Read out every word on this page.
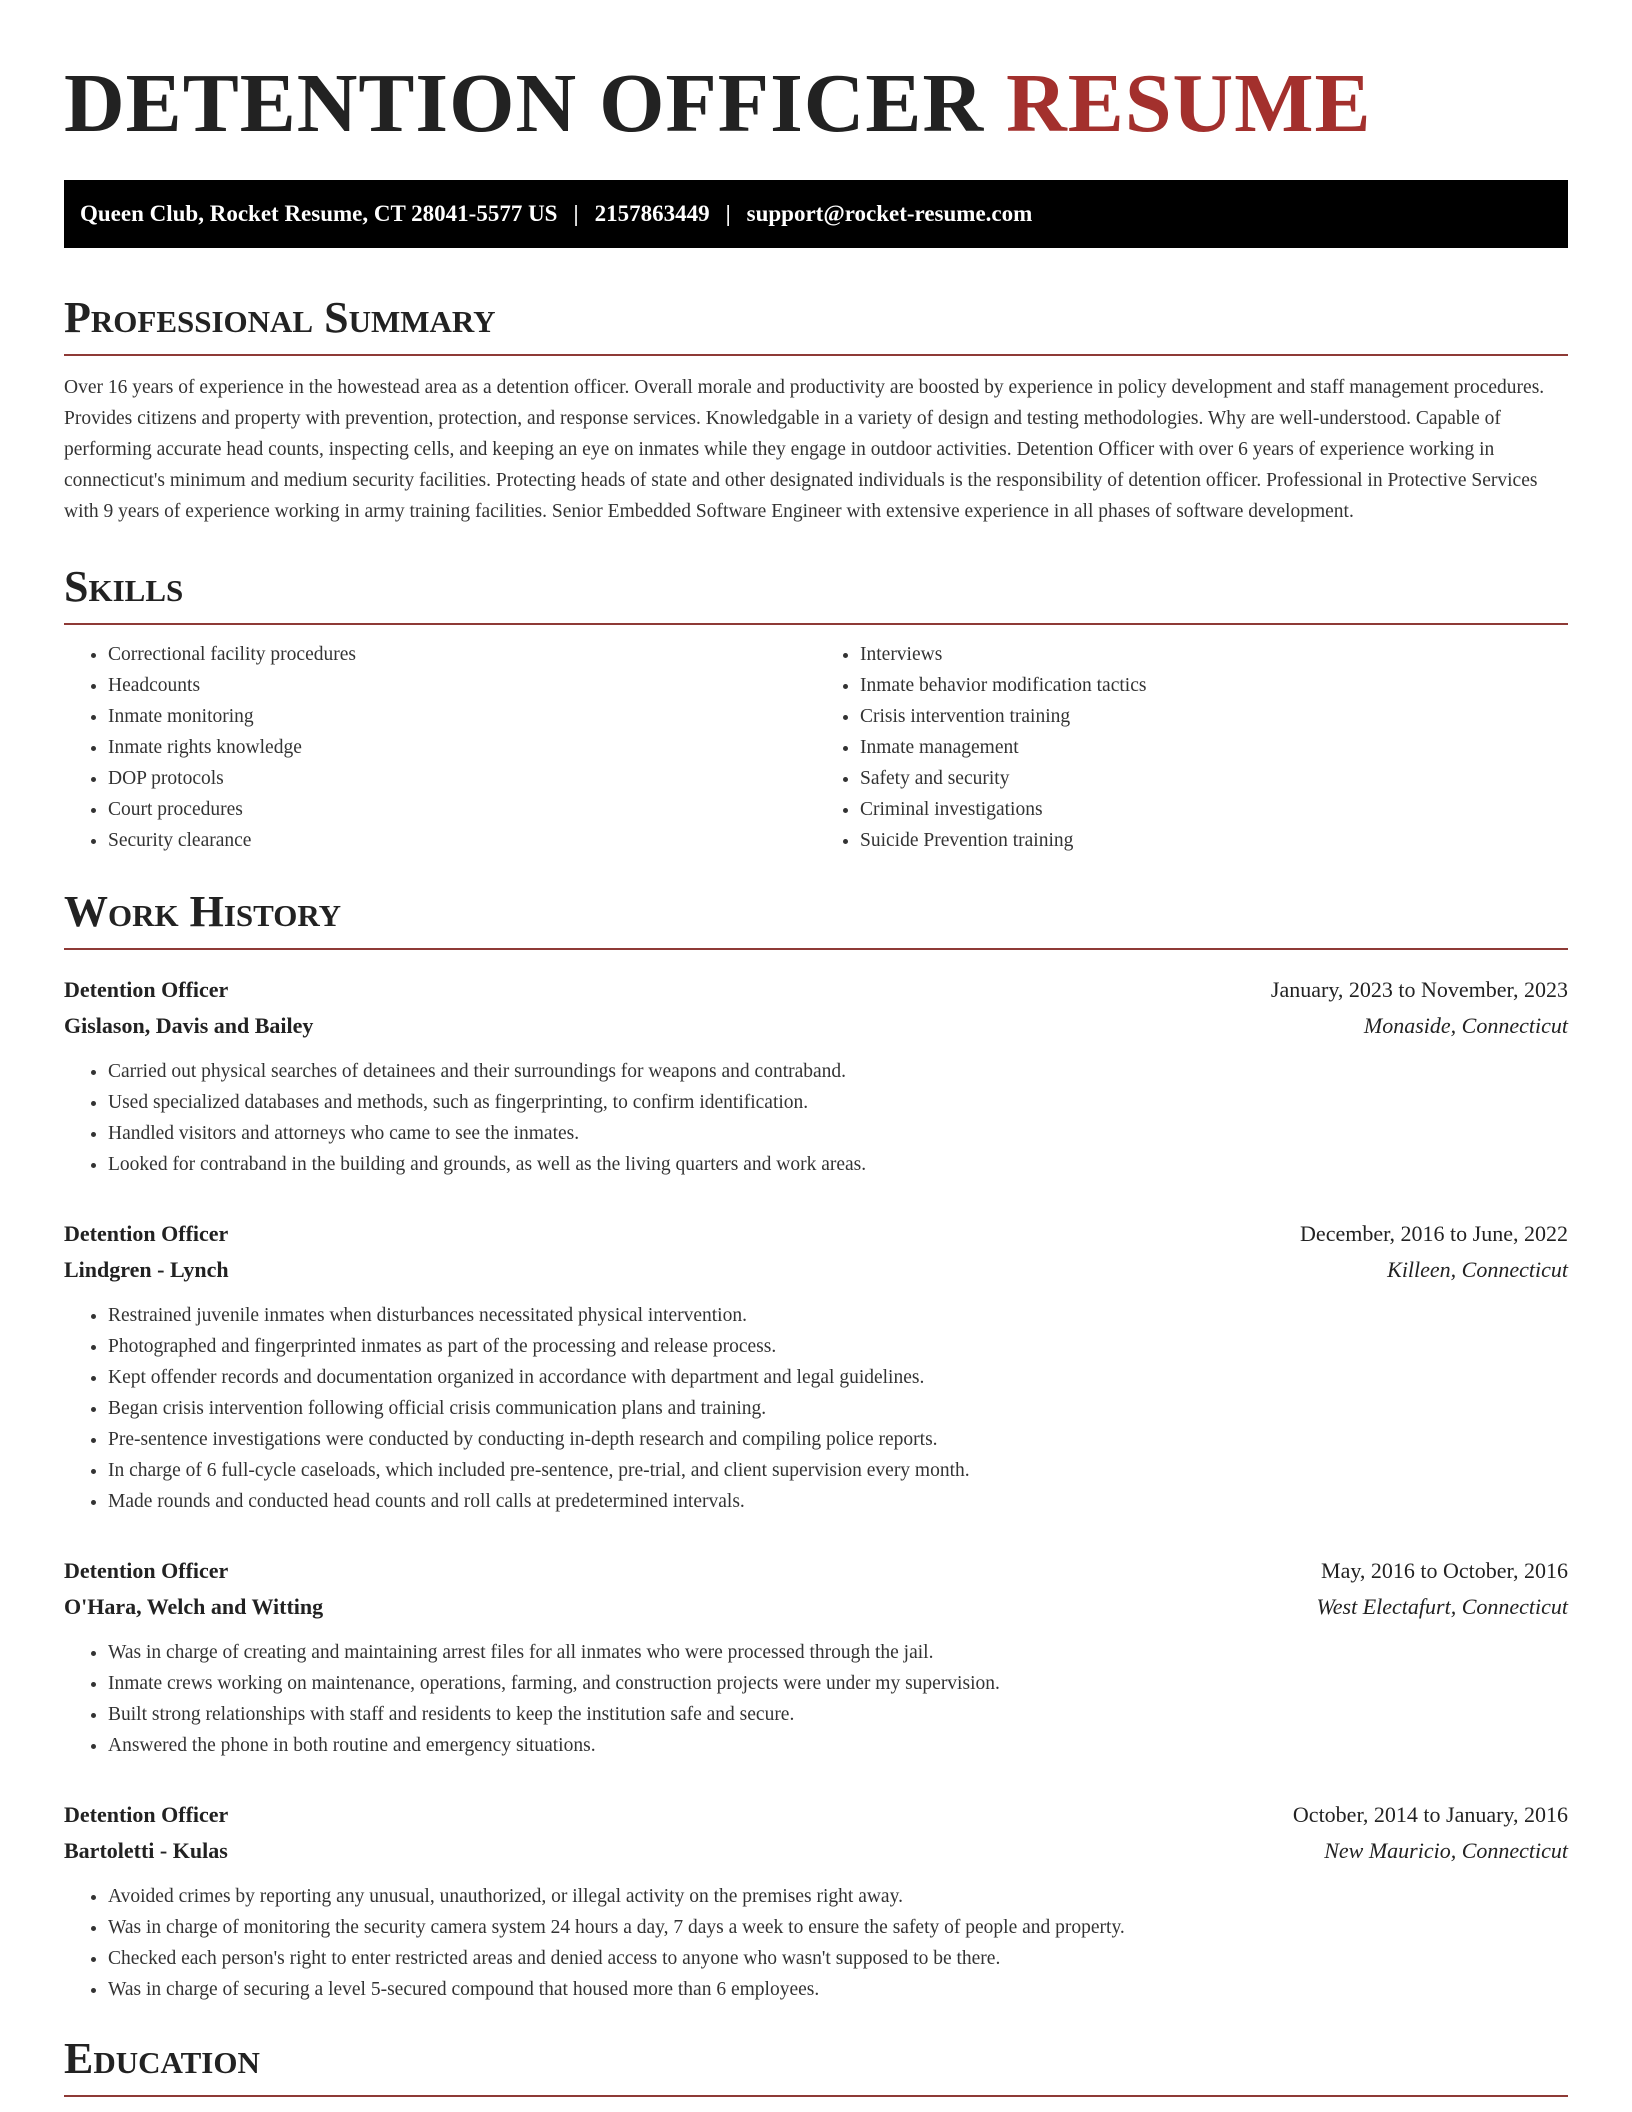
DETENTION OFFICER RESUME
Queen Club, Rocket Resume, CT 28041-5577 US | 2157863449 | support@rocket-resume.com
Professional Summary

Over 16 years of experience in the howestead area as a detention officer. Overall morale and productivity are boosted by experience in policy development and staff management procedures. Provides citizens and property with prevention, protection, and response services. Knowledgable in a variety of design and testing methodologies. Why are well-understood. Capable of performing accurate head counts, inspecting cells, and keeping an eye on inmates while they engage in outdoor activities. Detention Officer with over 6 years of experience working in connecticut's minimum and medium security facilities. Protecting heads of state and other designated individuals is the responsibility of detention officer. Professional in Protective Services with 9 years of experience working in army training facilities. Senior Embedded Software Engineer with extensive experience in all phases of software development.

Skills
• Correctional facility procedures
• Headcounts
• Inmate monitoring
• Inmate rights knowledge
• DOP protocols
• Court procedures
• Security clearance
• Interviews
• Inmate behavior modification tactics
• Crisis intervention training
• Inmate management
• Safety and security
• Criminal investigations
• Suicide Prevention training
Work History
Detention Officer	January, 2023 to November, 2023
Gislason, Davis and Bailey	Monaside, Connecticut
• Carried out physical searches of detainees and their surroundings for weapons and contraband.
• Used specialized databases and methods, such as fingerprinting, to confirm identification.
• Handled visitors and attorneys who came to see the inmates.
• Looked for contraband in the building and grounds, as well as the living quarters and work areas.
Detention Officer	December, 2016 to June, 2022
Lindgren - Lynch	Killeen, Connecticut
• Restrained juvenile inmates when disturbances necessitated physical intervention.
• Photographed and fingerprinted inmates as part of the processing and release process.
• Kept offender records and documentation organized in accordance with department and legal guidelines.
• Began crisis intervention following official crisis communication plans and training.
• Pre-sentence investigations were conducted by conducting in-depth research and compiling police reports.
• In charge of 6 full-cycle caseloads, which included pre-sentence, pre-trial, and client supervision every month.
• Made rounds and conducted head counts and roll calls at predetermined intervals.
Detention Officer	May, 2016 to October, 2016
O'Hara, Welch and Witting	West Electafurt, Connecticut
• Was in charge of creating and maintaining arrest files for all inmates who were processed through the jail.
• Inmate crews working on maintenance, operations, farming, and construction projects were under my supervision.
• Built strong relationships with staff and residents to keep the institution safe and secure.
• Answered the phone in both routine and emergency situations.
Detention Officer	October, 2014 to January, 2016
Bartoletti - Kulas	New Mauricio, Connecticut
• Avoided crimes by reporting any unusual, unauthorized, or illegal activity on the premises right away.
• Was in charge of monitoring the security camera system 24 hours a day, 7 days a week to ensure the safety of people and property.
• Checked each person's right to enter restricted areas and denied access to anyone who wasn't supposed to be there.
• Was in charge of securing a level 5-secured compound that housed more than 6 employees.
Education
